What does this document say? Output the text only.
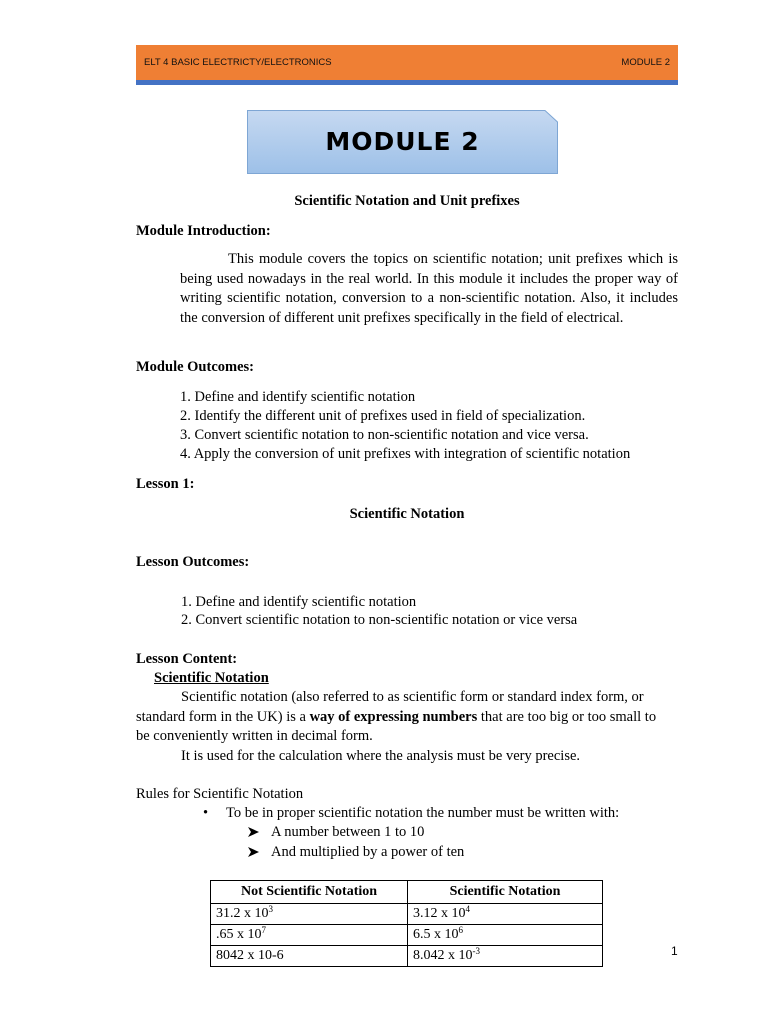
ELT 4 BASIC ELECTRICTY/ELECTRONICS	MODULE 2
MODULE 2
Scientific Notation and Unit prefixes
Module Introduction:
This module covers the topics on scientific notation; unit prefixes which is being used nowadays in the real world. In this module it includes the proper way of writing scientific notation, conversion to a non-scientific notation. Also, it includes the conversion of different unit prefixes specifically in the field of electrical.
Module Outcomes:
1. Define and identify scientific notation
2. Identify the different unit of prefixes used in field of specialization.
3. Convert scientific notation to non-scientific notation and vice versa.
4. Apply the conversion of unit prefixes with integration of scientific notation
Lesson 1:
Scientific Notation
Lesson Outcomes:
1. Define and identify scientific notation
2. Convert scientific notation to non-scientific notation or vice versa
Lesson Content:
Scientific Notation
Scientific notation (also referred to as scientific form or standard index form, or
standard form in the UK) is a way of expressing numbers that are too big or too small to
be conveniently written in decimal form.
It is used for the calculation where the analysis must be very precise.
Rules for Scientific Notation
• To be in proper scientific notation the number must be written with:
A number between 1 to 10
And multiplied by a power of ten
Not Scientific Notation	Scientific Notation
31.2 x $10^3$	3.12 x $10^4$
.65 x $10^7$	6.5 x $10^6$
8042 x 10-6	8.042 x $10^{-3}$	1
